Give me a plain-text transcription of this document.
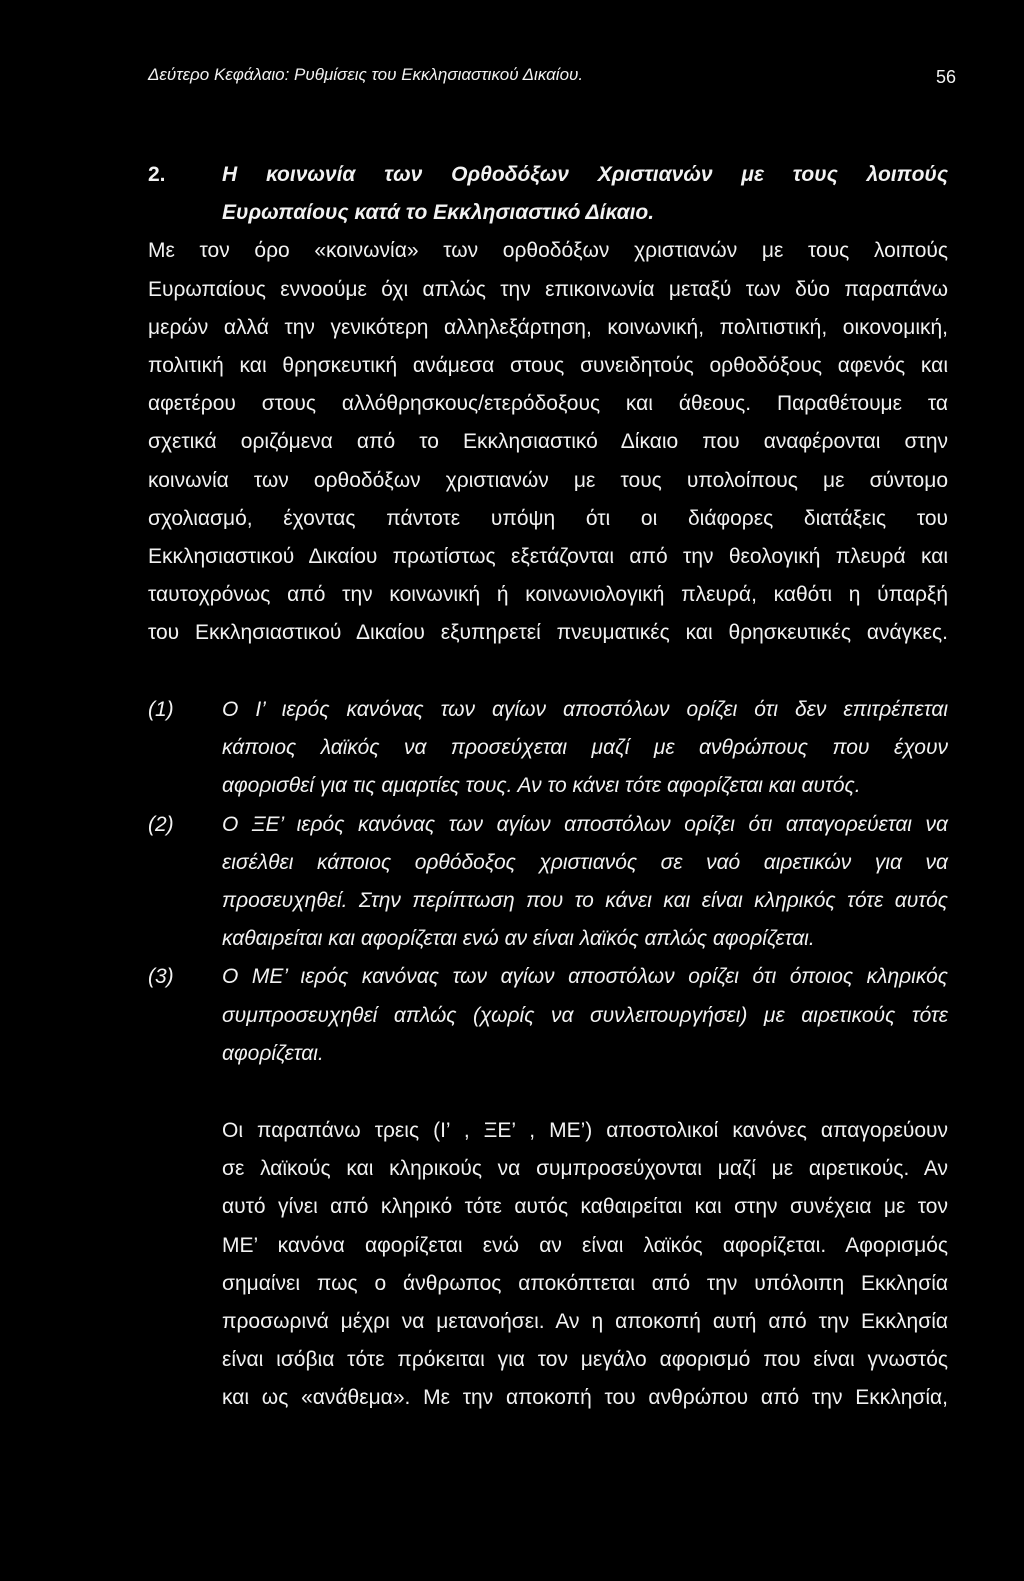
Δεύτερο Κεφάλαιο: Ρυθμίσεις του Εκκλησιαστικού Δικαίου.	56
2.	Η κοινωνία των Ορθοδόξων Χριστιανών με τους λοιπούς
Ευρωπαίους κατά το Εκκλησιαστικό Δίκαιο.
Με τον όρο «κοινωνία» των ορθοδόξων χριστιανών με τους λοιπούς
Ευρωπαίους εννοούμε όχι απλώς την επικοινωνία μεταξύ των δύο παραπάνω
μερών αλλά την γενικότερη αλληλεξάρτηση, κοινωνική, πολιτιστική, οικονομική,
πολιτική και θρησκευτική ανάμεσα στους συνειδητούς ορθοδόξους αφενός και
αφετέρου στους αλλόθρησκους/ετερόδοξους και άθεους. Παραθέτουμε τα
σχετικά οριζόμενα από το Εκκλησιαστικό Δίκαιο που αναφέρονται στην
κοινωνία των ορθοδόξων χριστιανών με τους υπολοίπους με σύντομο
σχολιασμό, έχοντας πάντοτε υπόψη ότι οι διάφορες διατάξεις του
Εκκλησιαστικού Δικαίου πρωτίστως εξετάζονται από την θεολογική πλευρά και
ταυτοχρόνως από την κοινωνική ή κοινωνιολογική πλευρά, καθότι η ύπαρξή
του Εκκλησιαστικού Δικαίου εξυπηρετεί πνευματικές και θρησκευτικές ανάγκες.
(1)	Ο Ι’ ιερός κανόνας των αγίων αποστόλων ορίζει ότι δεν επιτρέπεται
κάποιος λαϊκός να προσεύχεται μαζί με ανθρώπους που έχουν
αφορισθεί για τις αμαρτίες τους. Αν το κάνει τότε αφορίζεται και αυτός.
(2)	Ο ΞΕ’ ιερός κανόνας των αγίων αποστόλων ορίζει ότι απαγορεύεται να
εισέλθει κάποιος ορθόδοξος χριστιανός σε ναό αιρετικών για να
προσευχηθεί. Στην περίπτωση που το κάνει και είναι κληρικός τότε αυτός
καθαιρείται και αφορίζεται ενώ αν είναι λαϊκός απλώς αφορίζεται.
(3)	Ο ΜΕ’ ιερός κανόνας των αγίων αποστόλων ορίζει ότι όποιος κληρικός
συμπροσευχηθεί απλώς (χωρίς να συνλειτουργήσει) με αιρετικούς τότε
αφορίζεται.
Οι παραπάνω τρεις (Ι’ , ΞΕ’ , ΜΕ’) αποστολικοί κανόνες απαγορεύουν
σε λαϊκούς και κληρικούς να συμπροσεύχονται μαζί με αιρετικούς. Αν
αυτό γίνει από κληρικό τότε αυτός καθαιρείται και στην συνέχεια με τον
ΜΕ’ κανόνα αφορίζεται ενώ αν είναι λαϊκός αφορίζεται. Αφορισμός
σημαίνει πως ο άνθρωπος αποκόπτεται από την υπόλοιπη Εκκλησία
προσωρινά μέχρι να μετανοήσει. Αν η αποκοπή αυτή από την Εκκλησία
είναι ισόβια τότε πρόκειται για τον μεγάλο αφορισμό που είναι γνωστός
και ως «ανάθεμα». Με την αποκοπή του ανθρώπου από την Εκκλησία,
